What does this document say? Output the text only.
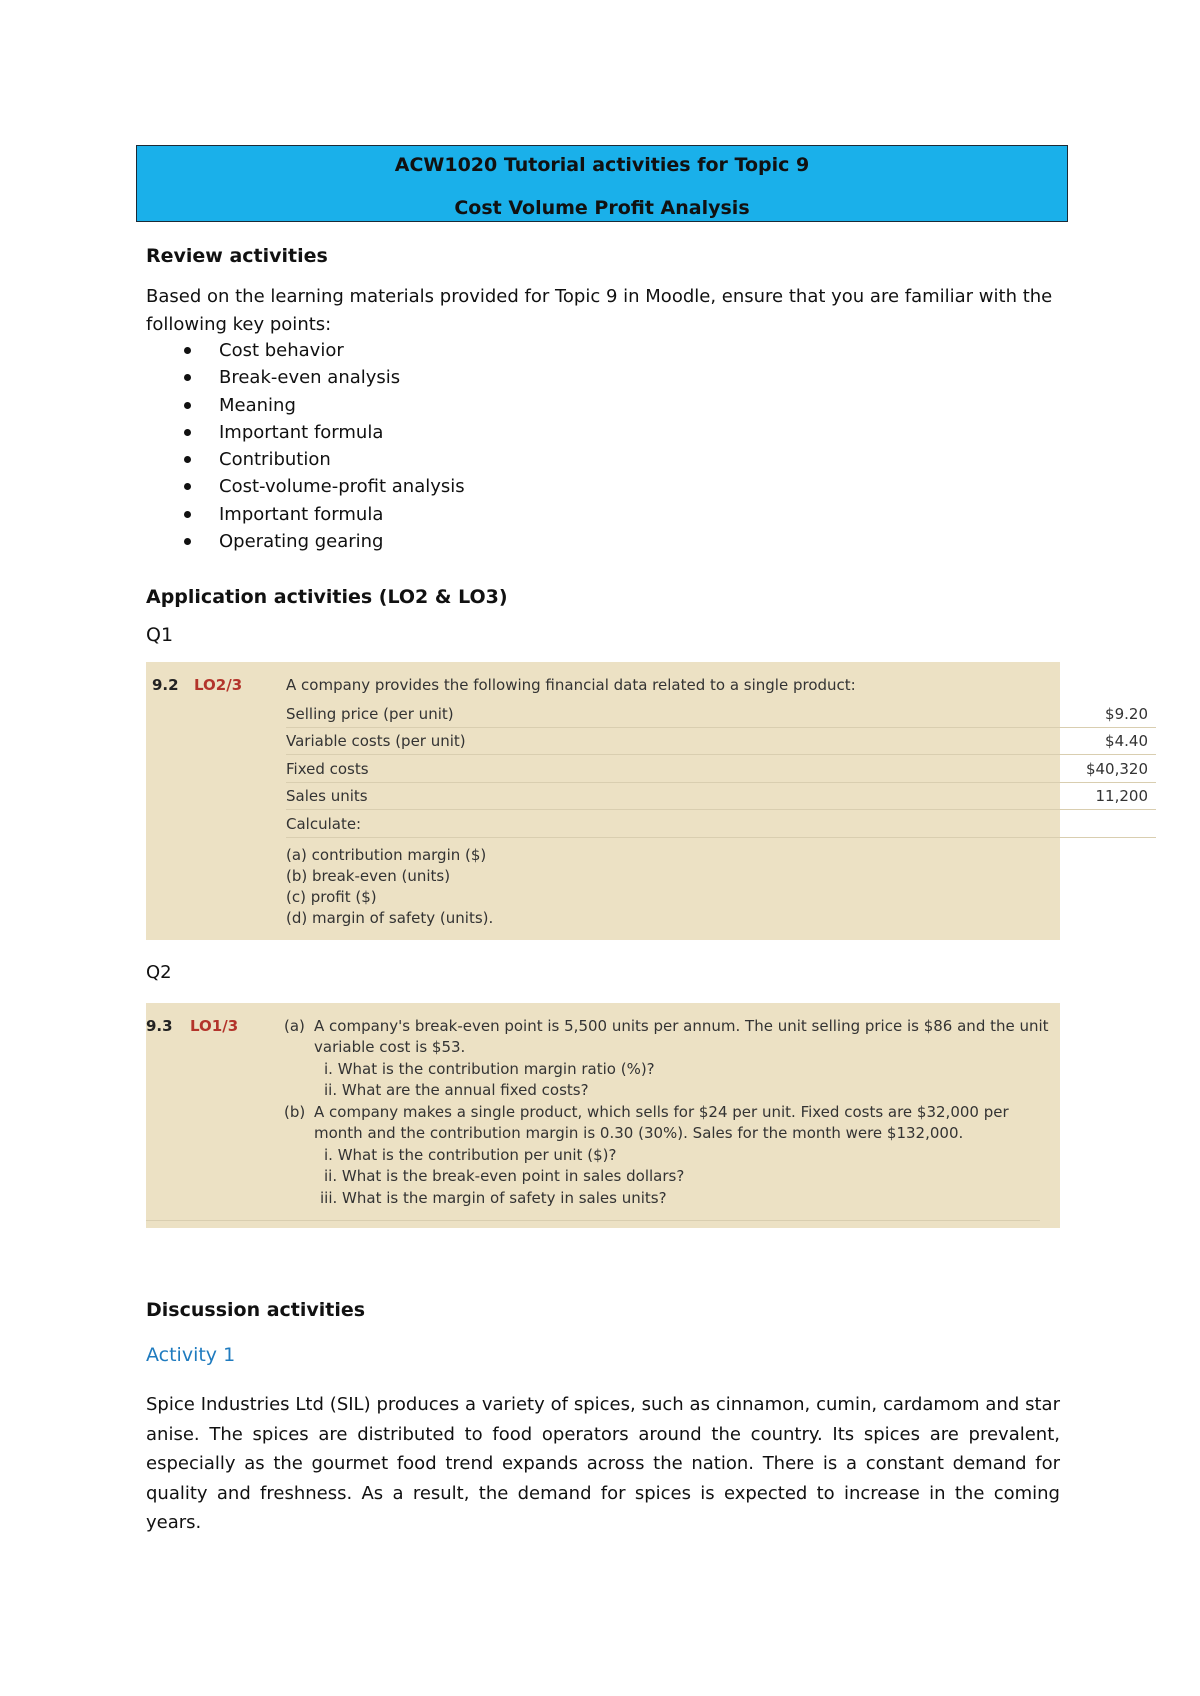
ACW1020 Tutorial activities for Topic 9
Cost Volume Profit Analysis
Review activities
Based on the learning materials provided for Topic 9 in Moodle, ensure that you are familiar with the following key points:
Cost behavior
Break-even analysis
Meaning
Important formula
Contribution
Cost-volume-profit analysis
Important formula
Operating gearing
Application activities (LO2 & LO3)
Q1
9.2 LO2/3	A company provides the following financial data related to a single product:
Selling price (per unit)	$9.20
Variable costs (per unit)	$4.40
Fixed costs	$40,320
Sales units	11,200
Calculate:
(a) contribution margin ($)
(b) break-even (units)
(c) profit ($)
(d) margin of safety (units).
Q2
9.3 LO1/3	(a) A company's break-even point is 5,500 units per annum. The unit selling price is $86 and the unit
variable cost is $53.
i. What is the contribution margin ratio (%)?
ii. What are the annual fixed costs?
(b) A company makes a single product, which sells for $24 per unit. Fixed costs are $32,000 per
month and the contribution margin is 0.30 (30%). Sales for the month were $132,000.
i. What is the contribution per unit ($)?
ii. What is the break-even point in sales dollars?
iii. What is the margin of safety in sales units?
Discussion activities
Activity 1
Spice Industries Ltd (SIL) produces a variety of spices, such as cinnamon, cumin, cardamom and star anise. The spices are distributed to food operators around the country. Its spices are prevalent, especially as the gourmet food trend expands across the nation. There is a constant demand for quality and freshness. As a result, the demand for spices is expected to increase in the coming years.
